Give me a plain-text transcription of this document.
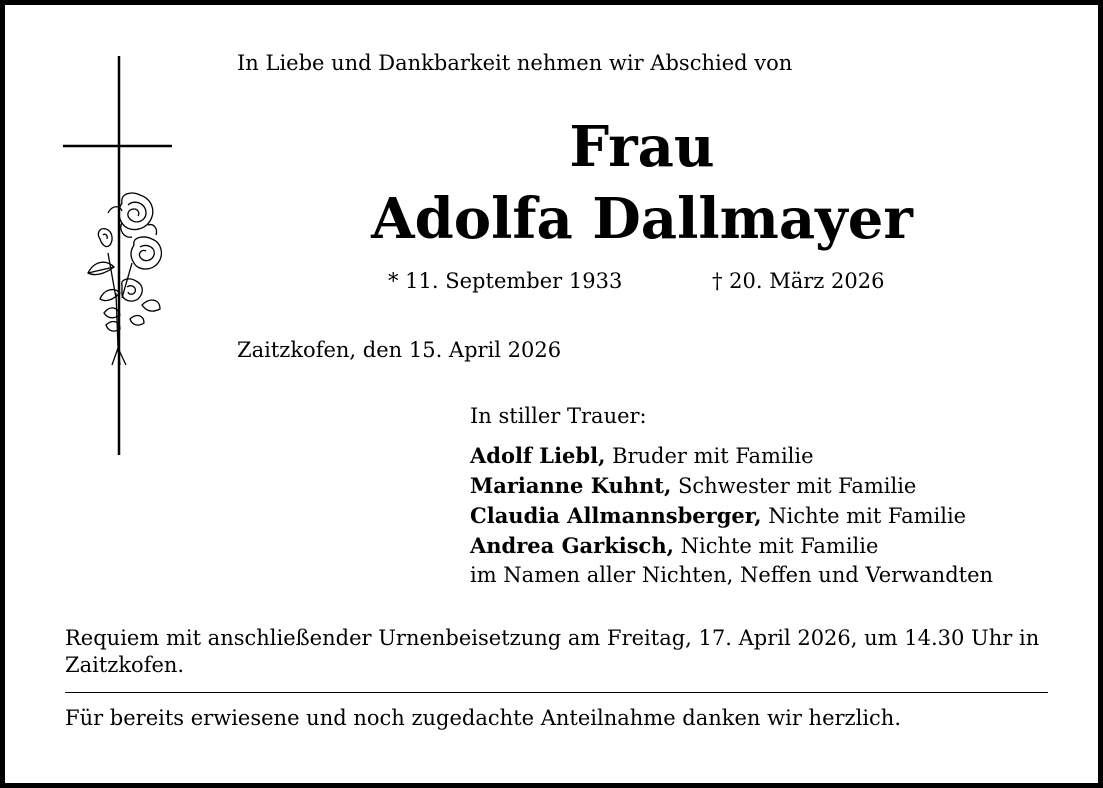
In Liebe und Dankbarkeit nehmen wir Abschied von
Frau
Adolfa Dallmayer
* 11. September 1933	† 20. März 2026
Zaitzkofen, den 15. April 2026
In stiller Trauer:
Adolf Liebl, Bruder mit Familie
Marianne Kuhnt, Schwester mit Familie
Claudia Allmannsberger, Nichte mit Familie
Andrea Garkisch, Nichte mit Familie
im Namen aller Nichten, Neffen und Verwandten
Requiem mit anschließender Urnenbeisetzung am Freitag, 17. April 2026, um 14.30 Uhr in Zaitzkofen.
Für bereits erwiesene und noch zugedachte Anteilnahme danken wir herzlich.
